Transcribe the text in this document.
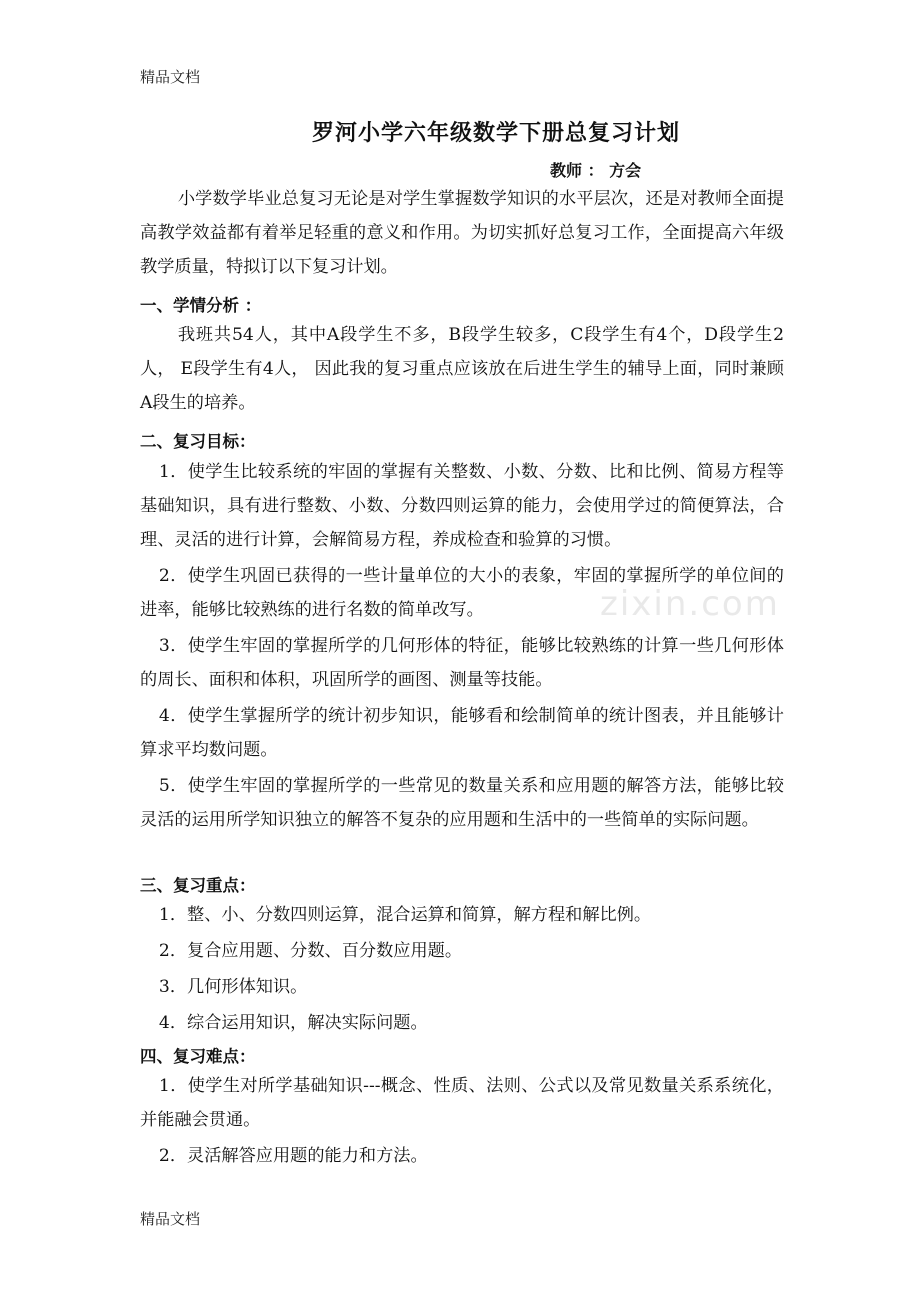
精品文档
zixin.com
罗河小学六年级数学下册总复习计划
教师 ： 方会

小学数学毕业总复习无论是对学生掌握数学知识的水平层次，还是对教师全面提高教学效益都有着举足轻重的意义和作用。为切实抓好总复习工作，全面提高六年级教学质量，特拟订以下复习计划。

一、学情分析 ：

我班共54人，其中A段学生不多，B段学生较多，C段学生有4个，D段学生2人， E段学生有4人， 因此我的复习重点应该放在后进生学生的辅导上面，同时兼顾A段生的培养。

二、复习目标：

1．使学生比较系统的牢固的掌握有关整数、小数、分数、比和比例、简易方程等基础知识，具有进行整数、小数、分数四则运算的能力，会使用学过的简便算法，合理、灵活的进行计算，会解简易方程，养成检查和验算的习惯。

2．使学生巩固已获得的一些计量单位的大小的表象，牢固的掌握所学的单位间的进率，能够比较熟练的进行名数的简单改写。

3．使学生牢固的掌握所学的几何形体的特征，能够比较熟练的计算一些几何形体的周长、面积和体积，巩固所学的画图、测量等技能。

4．使学生掌握所学的统计初步知识，能够看和绘制简单的统计图表，并且能够计算求平均数问题。

5．使学生牢固的掌握所学的一些常见的数量关系和应用题的解答方法，能够比较灵活的运用所学知识独立的解答不复杂的应用题和生活中的一些简单的实际问题。

三、复习重点：

1．整、小、分数四则运算，混合运算和简算，解方程和解比例。

2．复合应用题、分数、百分数应用题。

3．几何形体知识。

4．综合运用知识，解决实际问题。

四、复习难点：

1．使学生对所学基础知识---概念、性质、法则、公式以及常见数量关系系统化，并能融会贯通。

2．灵活解答应用题的能力和方法。

精品文档
